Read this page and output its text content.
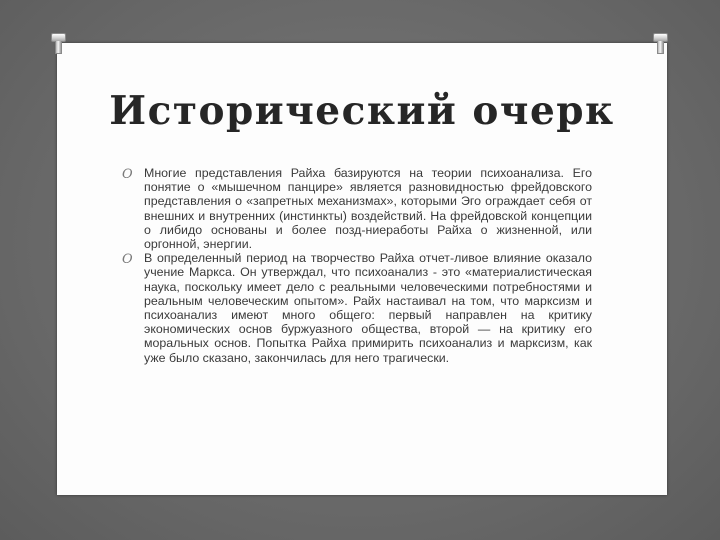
Исторический очерк
O Многие представления Райха базируются на теории психоанализа. Его понятие о «мышечном панцире» является разновидностью фрейдовского представления о «запретных механизмах», которыми Эго ограждает себя от внешних и внутренних (инстинкты) воздействий. На фрейдовской концепции о либидо основаны и более позд-ниеработы Райха о жизненной, или оргонной, энергии.
O В определенный период на творчество Райха отчет-ливое влияние оказало учение Маркса. Он утверждал, что психоанализ - это «материалистическая наука, поскольку имеет дело с реальными человеческими потребностями и реальным человеческим опытом». Райх настаивал на том, что марксизм и психоанализ имеют много общего: первый направлен на критику экономических основ буржуазного общества, второй — на критику его моральных основ. Попытка Райха примирить психоанализ и марксизм, как уже было сказано, закончилась для него трагически.
